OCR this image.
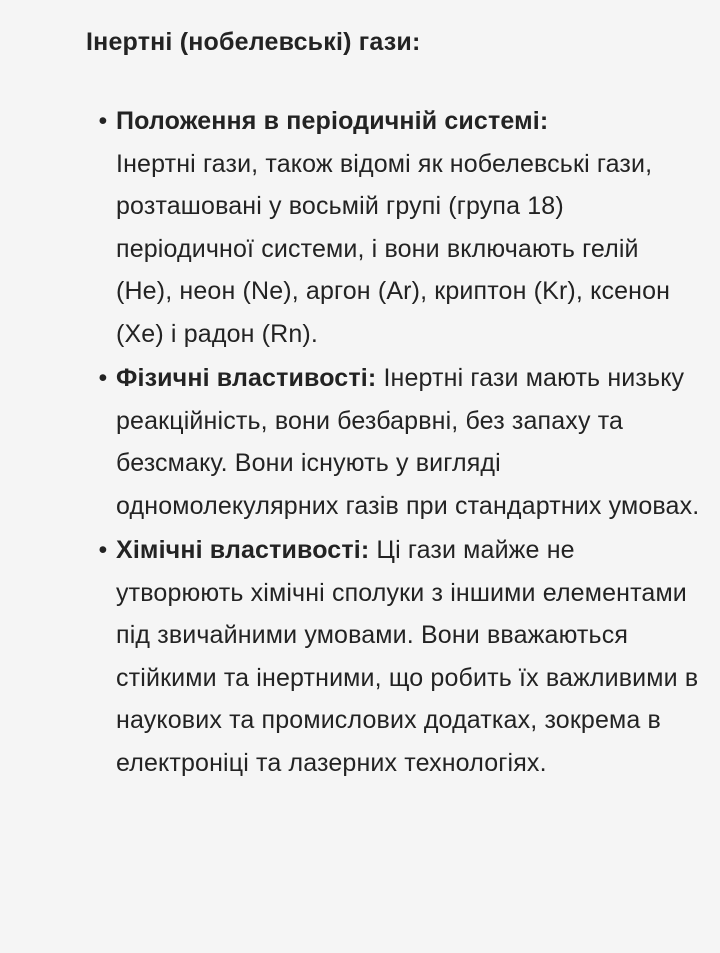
Інертні (нобелевські) гази:
• Положення в періодичній системі:
Інертні гази, також відомі як нобелевські гази, розташовані у восьмій групі (група 18) періодичної системи, і вони включають гелій (He), неон (Ne), аргон (Ar), криптон (Kr), ксенон (Xe) і радон (Rn).
• Фізичні властивості: Інертні гази мають низьку реакційність, вони безбарвні, без запаху та безсмаку. Вони існують у вигляді одномолекулярних газів при стандартних умовах.
• Хімічні властивості: Ці гази майже не утворюють хімічні сполуки з іншими елементами під звичайними умовами. Вони вважаються стійкими та інертними, що робить їх важливими в наукових та промислових додатках, зокрема в електроніці та лазерних технологіях.
